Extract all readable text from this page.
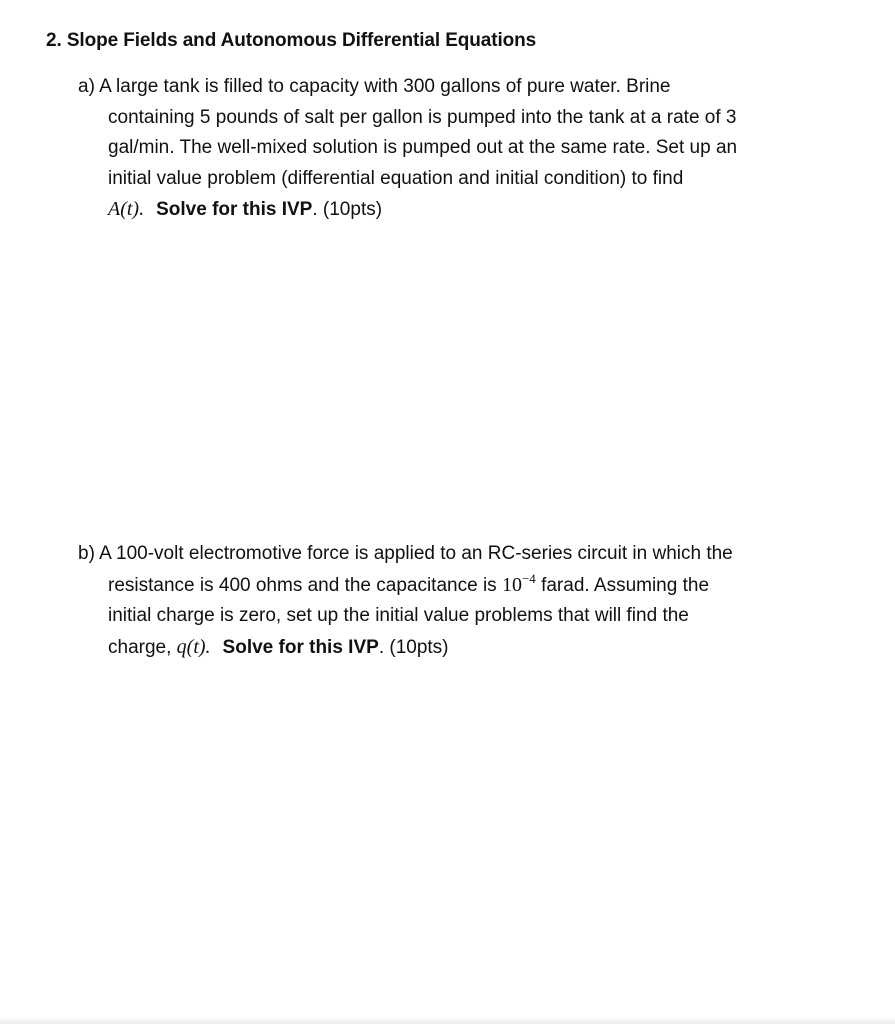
2. Slope Fields and Autonomous Differential Equations
a) A large tank is filled to capacity with 300 gallons of pure water. Brine
containing 5 pounds of salt per gallon is pumped into the tank at a rate of 3
gal/min. The well-mixed solution is pumped out at the same rate. Set up an
initial value problem (differential equation and initial condition) to find
A(t). Solve for this IVP. (10pts)
b) A 100-volt electromotive force is applied to an RC-series circuit in which the
resistance is 400 ohms and the capacitance is $10^{-4}$ farad. Assuming the
initial charge is zero, set up the initial value problems that will find the
charge, q(t). Solve for this IVP. (10pts)
